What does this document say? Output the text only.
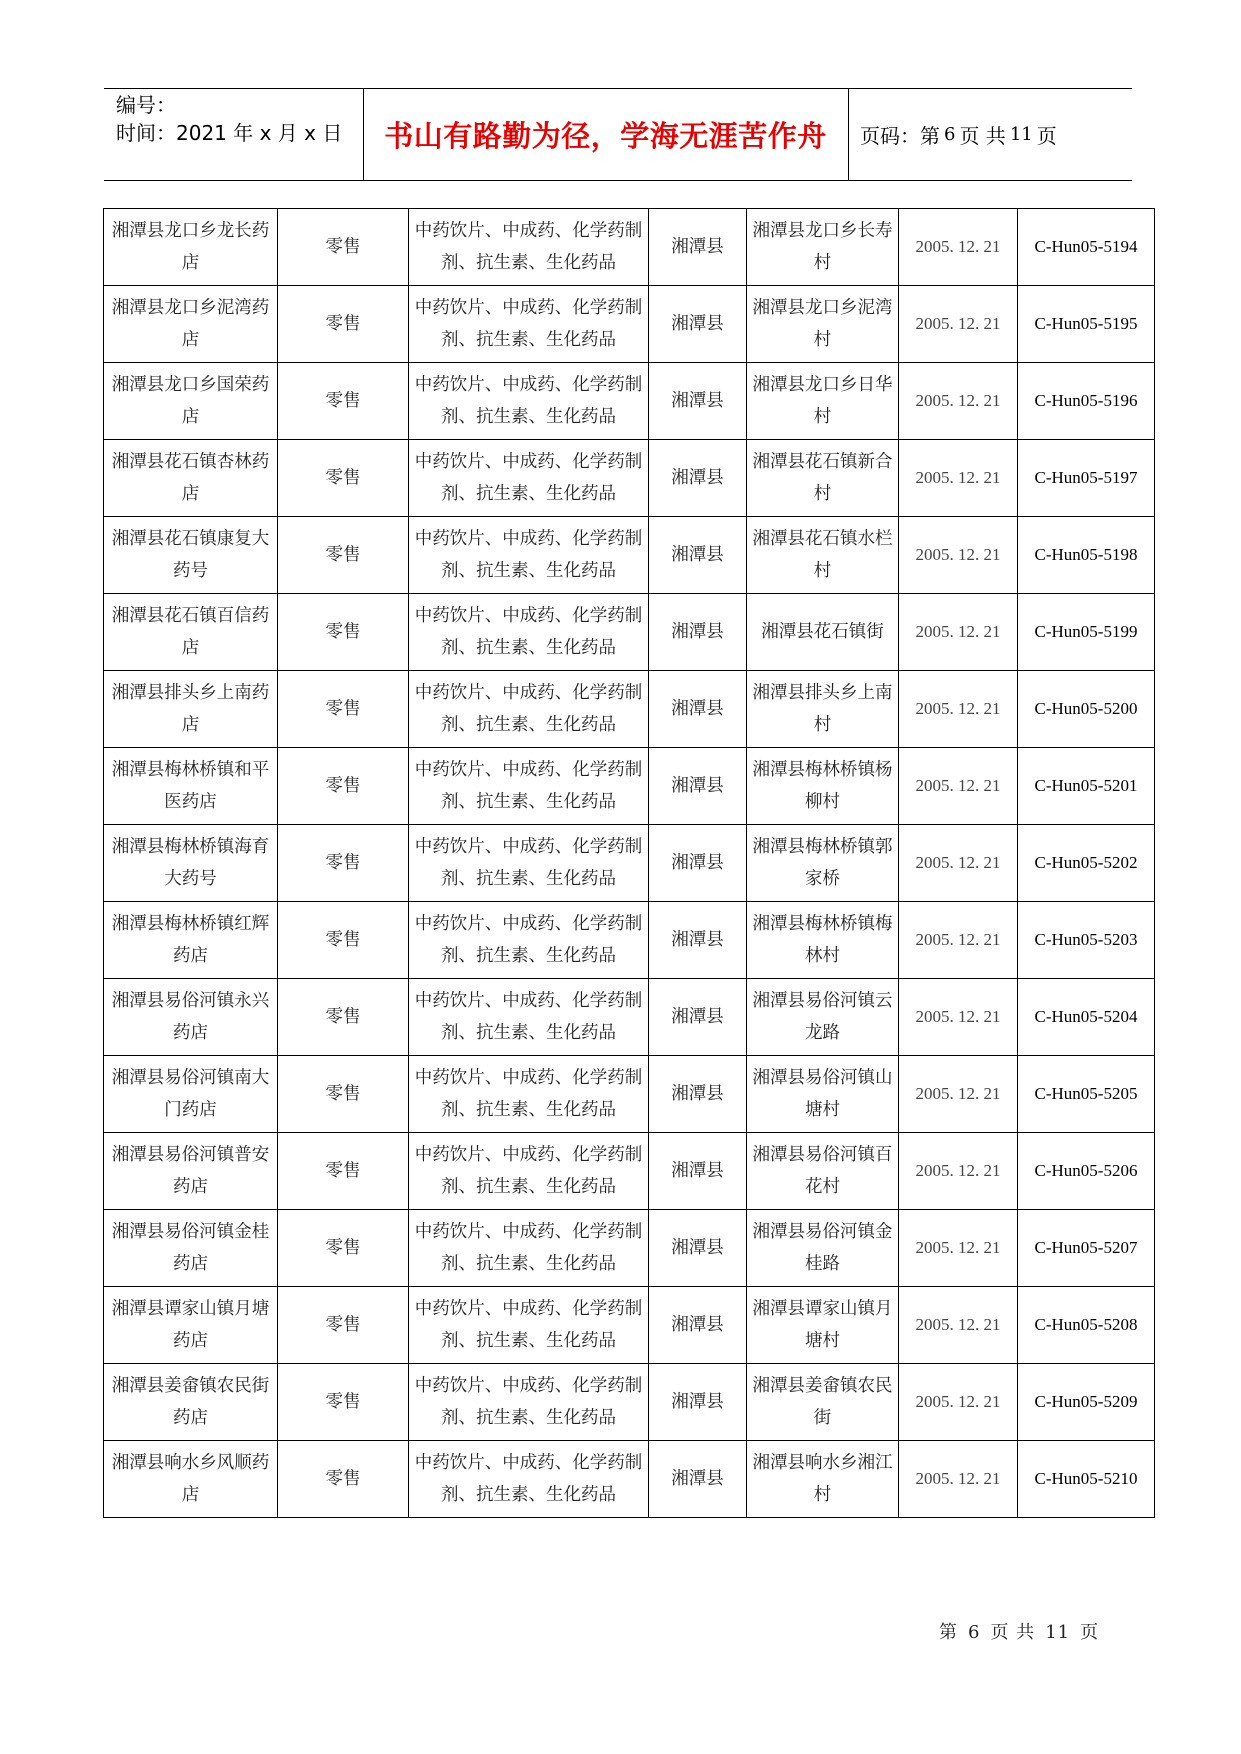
编号：
时间：2021 年 x 月 x 日	书山有路勤为径，学海无涯苦作舟	页码：第 6 页 共 11 页
湘潭县龙口乡龙长药店	零售	中药饮片、中成药、化学药制剂、抗生素、生化药品	湘潭县	湘潭县龙口乡长寿村	2005. 12. 21	C-Hun05-5194
湘潭县龙口乡泥湾药店	零售	中药饮片、中成药、化学药制剂、抗生素、生化药品	湘潭县	湘潭县龙口乡泥湾村	2005. 12. 21	C-Hun05-5195
湘潭县龙口乡国荣药店	零售	中药饮片、中成药、化学药制剂、抗生素、生化药品	湘潭县	湘潭县龙口乡日华村	2005. 12. 21	C-Hun05-5196
湘潭县花石镇杏林药店	零售	中药饮片、中成药、化学药制剂、抗生素、生化药品	湘潭县	湘潭县花石镇新合村	2005. 12. 21	C-Hun05-5197
湘潭县花石镇康复大药号	零售	中药饮片、中成药、化学药制剂、抗生素、生化药品	湘潭县	湘潭县花石镇水栏村	2005. 12. 21	C-Hun05-5198
湘潭县花石镇百信药店	零售	中药饮片、中成药、化学药制剂、抗生素、生化药品	湘潭县	湘潭县花石镇街	2005. 12. 21	C-Hun05-5199
湘潭县排头乡上南药店	零售	中药饮片、中成药、化学药制剂、抗生素、生化药品	湘潭县	湘潭县排头乡上南村	2005. 12. 21	C-Hun05-5200
湘潭县梅林桥镇和平医药店	零售	中药饮片、中成药、化学药制剂、抗生素、生化药品	湘潭县	湘潭县梅林桥镇杨柳村	2005. 12. 21	C-Hun05-5201
湘潭县梅林桥镇海育大药号	零售	中药饮片、中成药、化学药制剂、抗生素、生化药品	湘潭县	湘潭县梅林桥镇郭家桥	2005. 12. 21	C-Hun05-5202
湘潭县梅林桥镇红辉药店	零售	中药饮片、中成药、化学药制剂、抗生素、生化药品	湘潭县	湘潭县梅林桥镇梅林村	2005. 12. 21	C-Hun05-5203
湘潭县易俗河镇永兴药店	零售	中药饮片、中成药、化学药制剂、抗生素、生化药品	湘潭县	湘潭县易俗河镇云龙路	2005. 12. 21	C-Hun05-5204
湘潭县易俗河镇南大门药店	零售	中药饮片、中成药、化学药制剂、抗生素、生化药品	湘潭县	湘潭县易俗河镇山塘村	2005. 12. 21	C-Hun05-5205
湘潭县易俗河镇普安药店	零售	中药饮片、中成药、化学药制剂、抗生素、生化药品	湘潭县	湘潭县易俗河镇百花村	2005. 12. 21	C-Hun05-5206
湘潭县易俗河镇金桂药店	零售	中药饮片、中成药、化学药制剂、抗生素、生化药品	湘潭县	湘潭县易俗河镇金桂路	2005. 12. 21	C-Hun05-5207
湘潭县谭家山镇月塘药店	零售	中药饮片、中成药、化学药制剂、抗生素、生化药品	湘潭县	湘潭县谭家山镇月塘村	2005. 12. 21	C-Hun05-5208
湘潭县姜畲镇农民街药店	零售	中药饮片、中成药、化学药制剂、抗生素、生化药品	湘潭县	湘潭县姜畲镇农民街	2005. 12. 21	C-Hun05-5209
湘潭县响水乡风顺药店	零售	中药饮片、中成药、化学药制剂、抗生素、生化药品	湘潭县	湘潭县响水乡湘江村	2005. 12. 21	C-Hun05-5210
第 6 页 共 11 页
